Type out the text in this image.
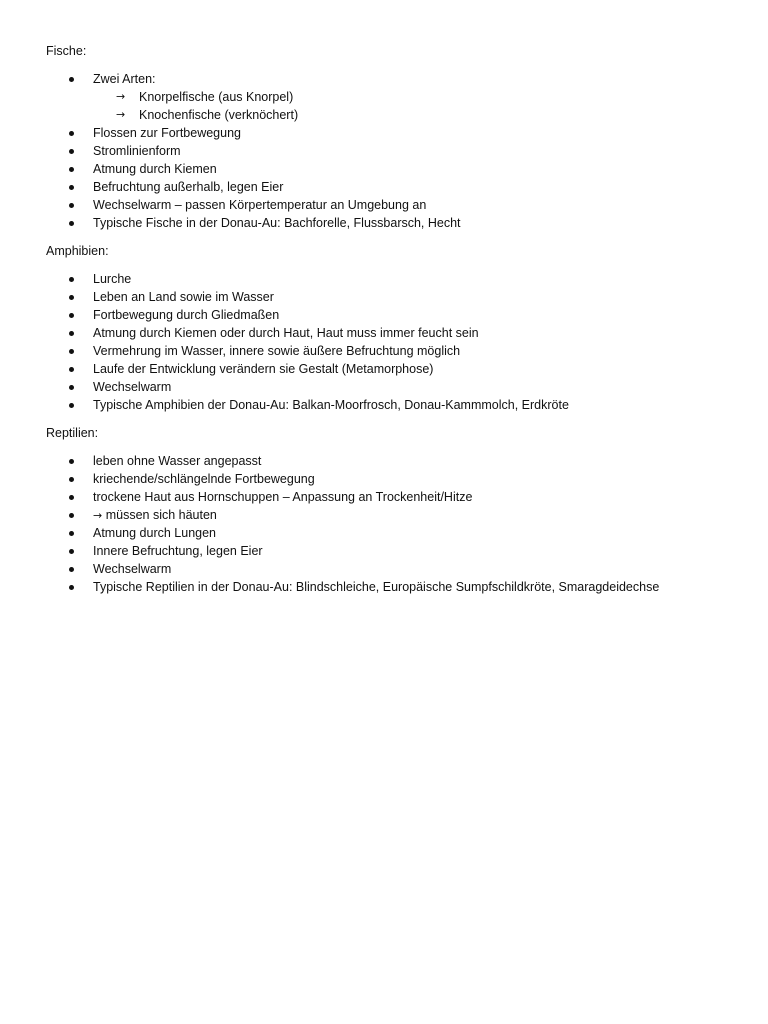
Fische:
Zwei Arten:
→ Knorpelfische (aus Knorpel)
→ Knochenfische (verknöchert)
Flossen zur Fortbewegung
Stromlinienform
Atmung durch Kiemen
Befruchtung außerhalb, legen Eier
Wechselwarm – passen Körpertemperatur an Umgebung an
Typische Fische in der Donau-Au: Bachforelle, Flussbarsch, Hecht
Amphibien:
Lurche
Leben an Land sowie im Wasser
Fortbewegung durch Gliedmaßen
Atmung durch Kiemen oder durch Haut, Haut muss immer feucht sein
Vermehrung im Wasser, innere sowie äußere Befruchtung möglich
Laufe der Entwicklung verändern sie Gestalt (Metamorphose)
Wechselwarm
Typische Amphibien der Donau-Au: Balkan-Moorfrosch, Donau-Kammmolch, Erdkröte
Reptilien:
leben ohne Wasser angepasst
kriechende/schlängelnde Fortbewegung
trockene Haut aus Hornschuppen – Anpassung an Trockenheit/Hitze
→ müssen sich häuten
Atmung durch Lungen
Innere Befruchtung, legen Eier
Wechselwarm
Typische Reptilien in der Donau-Au: Blindschleiche, Europäische Sumpfschildkröte, Smaragdeidechse
